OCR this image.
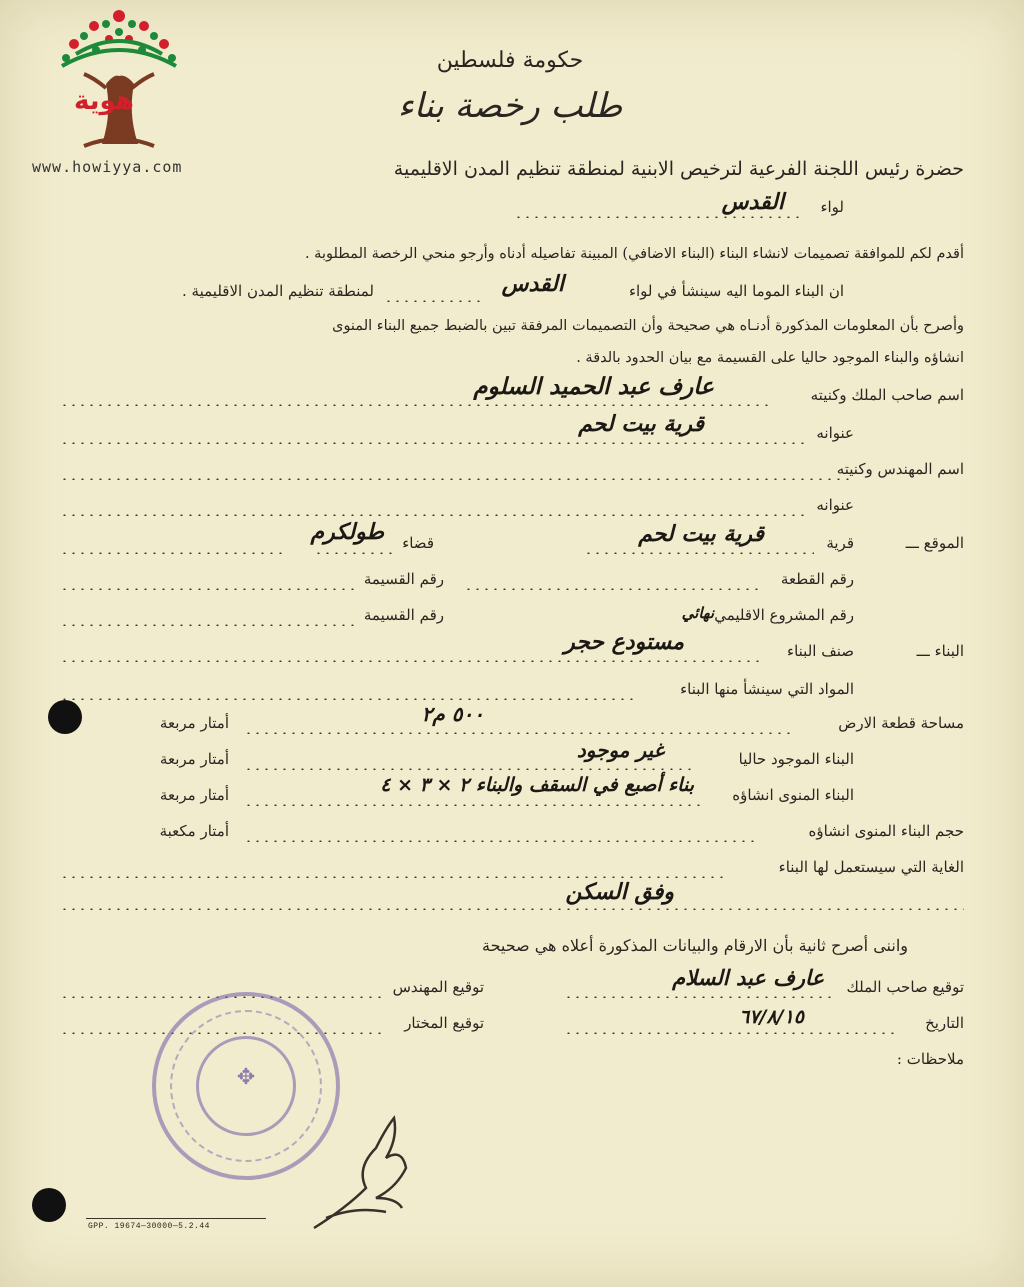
هوية
www.howiyya.com
حكومة فلسطين
طلب رخصة بناء
حضرة رئيس اللجنة الفرعية لترخيص الابنية لمنطقة تنظيم المدن الاقليمية
لواء
القدس
أقدم لكم للموافقة تصميمات لانشاء البناء (البناء الاضافي) المبينة تفاصيله أدناه وأرجو منحي الرخصة المطلوبة .
ان البناء الموما اليه سينشأ في لواء
القدس
لمنطقة تنظيم المدن الاقليمية .
وأصرح بأن المعلومات المذكورة أدنـاه هي صحيحة وأن التصميمات المرفقة تبين بالضبط جميع البناء المنوى
انشاؤه والبناء الموجود حاليا على القسيمة مع بيان الحدود بالدقة .
اسم صاحب الملك وكنيته
عارف عبد الحميد السلوم
عنوانه
قرية بيت لحم
اسم المهندس وكنيته
عنوانه
الموقع ـــ
قرية
قرية بيت لحم
قضاء
طولكرم
رقم القطعة
رقم القسيمة
رقم المشروع الاقليمي
نهائي
رقم القسيمة
البناء ـــ
صنف البناء
مستودع حجر
المواد التي سينشأ منها البناء
مساحة قطعة الارض
٥٠٠ م٢
أمتار مربعة
البناء الموجود حاليا
غير موجود
أمتار مربعة
البناء المنوى انشاؤه
بناء أصبع في السقف والبناء ٢ × ٣ × ٤
أمتار مربعة
حجم البناء المنوى انشاؤه
أمتار مكعبة
الغاية التي سيستعمل لها البناء
وفق السكن
واننى أصرح ثانية بأن الارقام والبيانات المذكورة أعلاه هي صحيحة
توقيع صاحب الملك
عارف عبد السلام
توقيع المهندس
التاريخ
٦٧/٨/١٥
توقيع المختار
ملاحظات :
✥
GPP. 19674—30000—5.2.44
